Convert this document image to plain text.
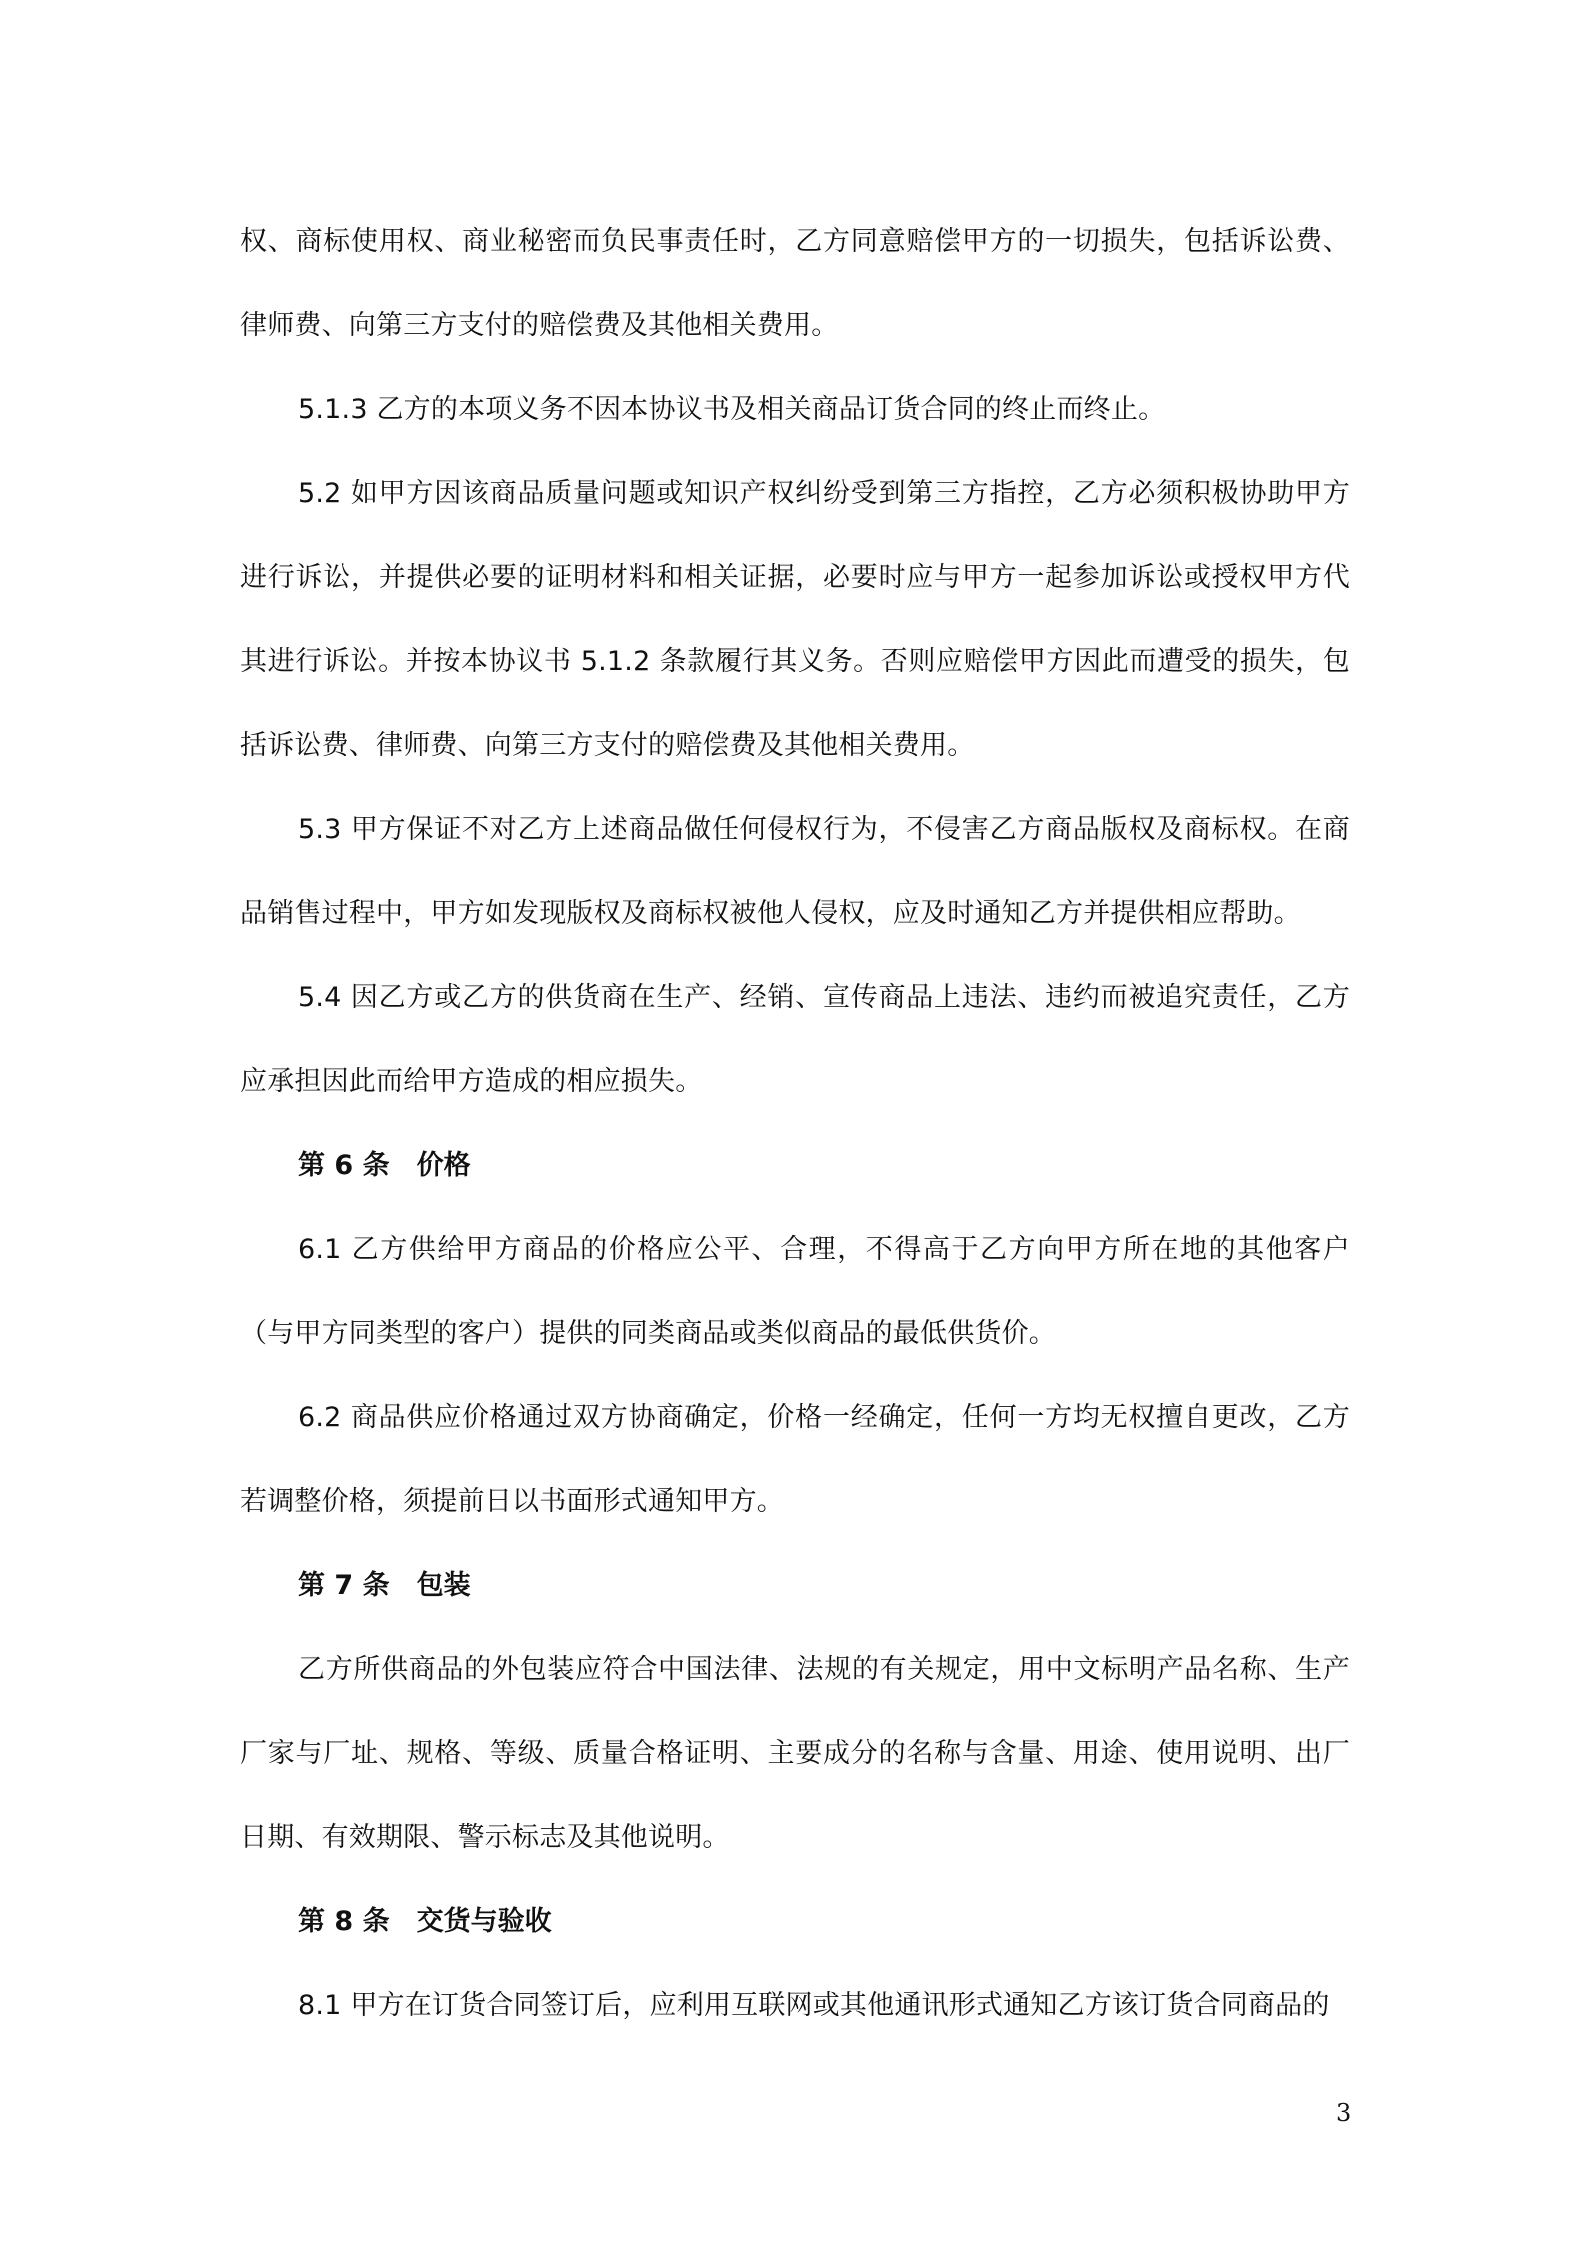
权、商标使用权、商业秘密而负民事责任时，乙方同意赔偿甲方的一切损失，包括诉讼费、律师费、向第三方支付的赔偿费及其他相关费用。

5.1.3 乙方的本项义务不因本协议书及相关商品订货合同的终止而终止。

5.2 如甲方因该商品质量问题或知识产权纠纷受到第三方指控，乙方必须积极协助甲方进行诉讼，并提供必要的证明材料和相关证据，必要时应与甲方一起参加诉讼或授权甲方代其进行诉讼。并按本协议书 5.1.2 条款履行其义务。否则应赔偿甲方因此而遭受的损失，包括诉讼费、律师费、向第三方支付的赔偿费及其他相关费用。

5.3 甲方保证不对乙方上述商品做任何侵权行为，不侵害乙方商品版权及商标权。在商品销售过程中，甲方如发现版权及商标权被他人侵权，应及时通知乙方并提供相应帮助。

5.4 因乙方或乙方的供货商在生产、经销、宣传商品上违法、违约而被追究责任，乙方应承担因此而给甲方造成的相应损失。

第 6 条　价格

6.1 乙方供给甲方商品的价格应公平、合理，不得高于乙方向甲方所在地的其他客户（与甲方同类型的客户）提供的同类商品或类似商品的最低供货价。

6.2 商品供应价格通过双方协商确定，价格一经确定，任何一方均无权擅自更改，乙方若调整价格，须提前日以书面形式通知甲方。

第 7 条　包装

乙方所供商品的外包装应符合中国法律、法规的有关规定，用中文标明产品名称、生产厂家与厂址、规格、等级、质量合格证明、主要成分的名称与含量、用途、使用说明、出厂日期、有效期限、警示标志及其他说明。

第 8 条　交货与验收

8.1 甲方在订货合同签订后，应利用互联网或其他通讯形式通知乙方该订货合同商品的

3
